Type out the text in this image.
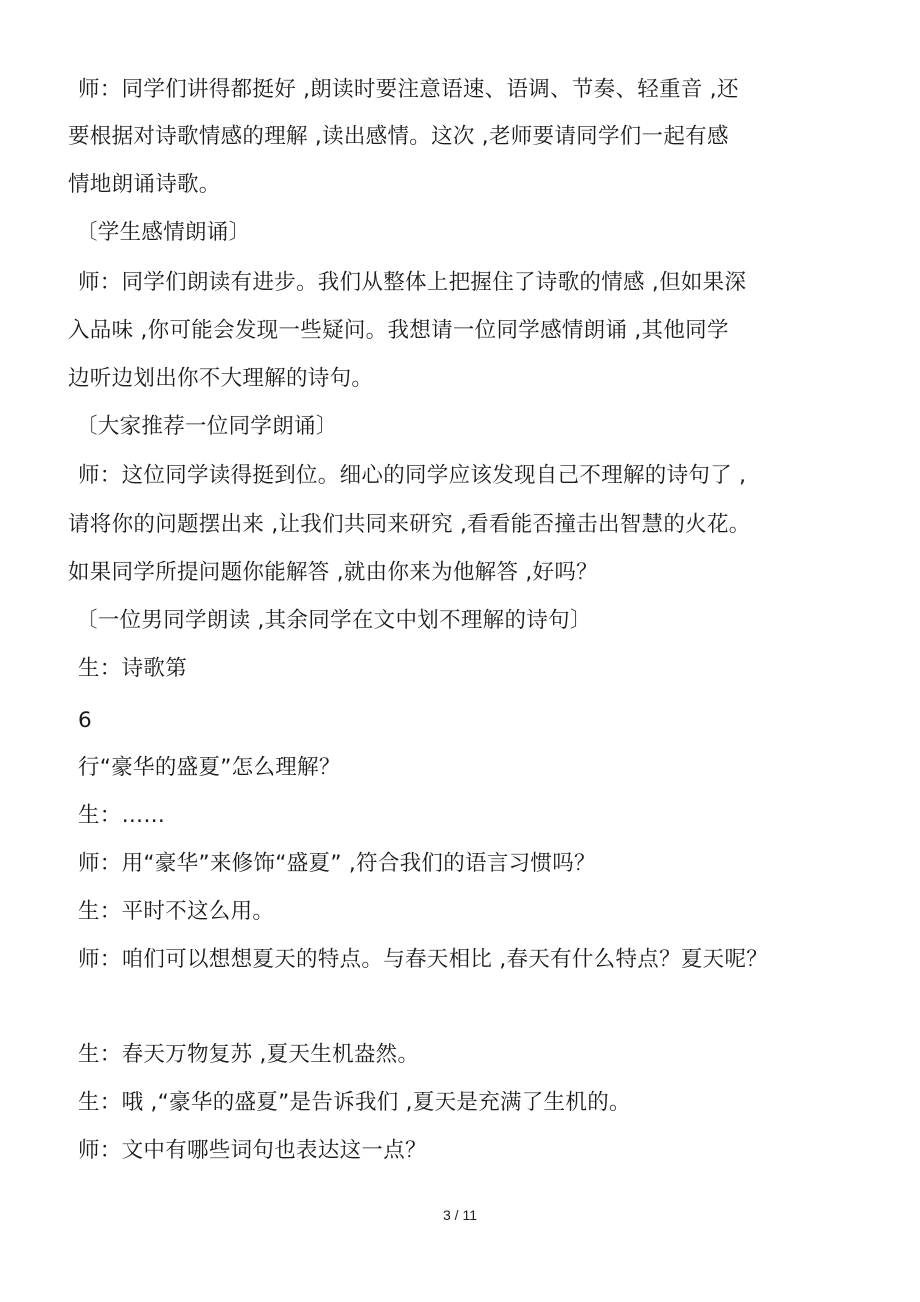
师：同学们讲得都挺好 ,朗读时要注意语速、语调、节奏、轻重音 ,还
要根据对诗歌情感的理解 ,读出感情。这次 ,老师要请同学们一起有感
情地朗诵诗歌。
〔学生感情朗诵〕
师：同学们朗读有进步。我们从整体上把握住了诗歌的情感 ,但如果深
入品味 ,你可能会发现一些疑问。我想请一位同学感情朗诵 ,其他同学
边听边划出你不大理解的诗句。
〔大家推荐一位同学朗诵〕
师：这位同学读得挺到位。细心的同学应该发现自己不理解的诗句了 ,
请将你的问题摆出来 ,让我们共同来研究 ,看看能否撞击出智慧的火花。
如果同学所提问题你能解答 ,就由你来为他解答 ,好吗？
〔一位男同学朗读 ,其余同学在文中划不理解的诗句〕
生：诗歌第
6
行“豪华的盛夏”怎么理解？
生：……
师：用“豪华”来修饰“盛夏” ,符合我们的语言习惯吗？
生：平时不这么用。
师：咱们可以想想夏天的特点。与春天相比 ,春天有什么特点？夏天呢？
生：春天万物复苏 ,夏天生机盎然。
生：哦 ,“豪华的盛夏”是告诉我们 ,夏天是充满了生机的。
师：文中有哪些词句也表达这一点？
3 / 11
